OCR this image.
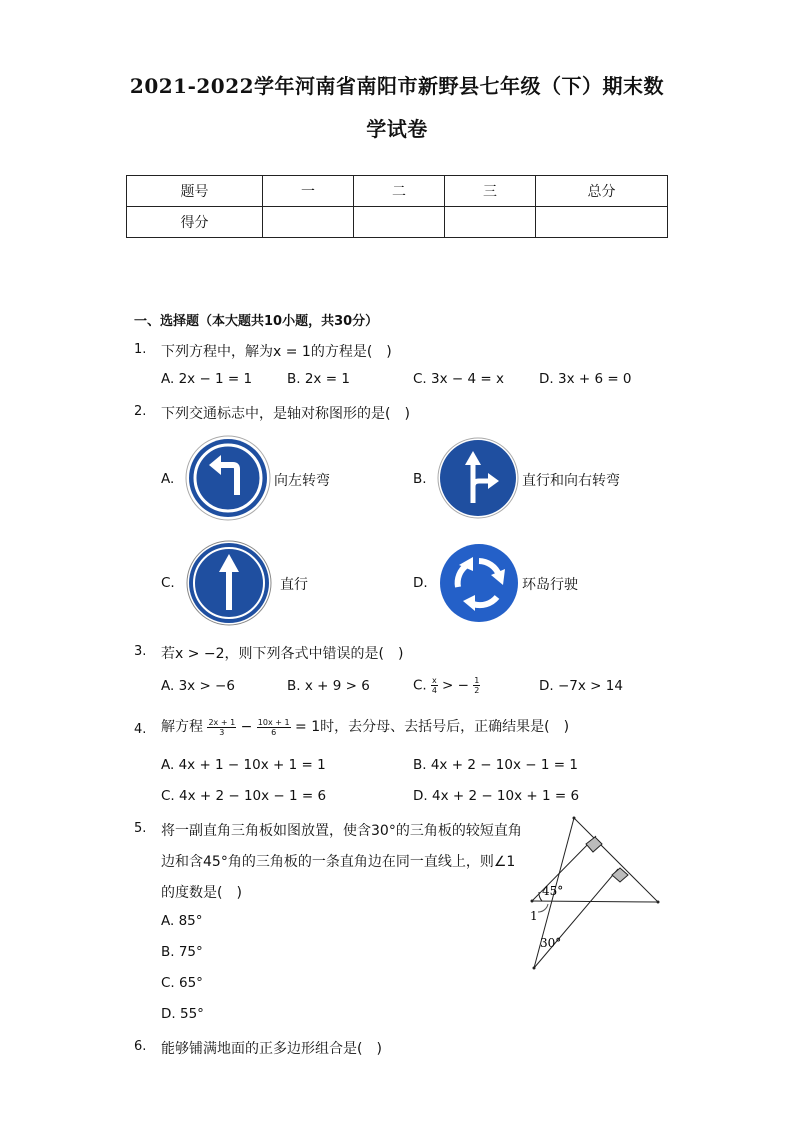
2021-2022学年河南省南阳市新野县七年级（下）期末数
学试卷
题号	一	二	三	总分
得分				
一、选择题（本大题共10小题，共30分）
1. 下列方程中，解为x = 1的方程是(　)
A. 2x − 1 = 1	B. 2x = 1	C. 3x − 4 = x	D. 3x + 6 = 0
2. 下列交通标志中，是轴对称图形的是(　)
A.	向左转弯	B.	直行和向右转弯
C.	直行	D.	环岛行驶
3. 若x > −2，则下列各式中错误的是(　)
A. 3x > −6	B. x + 9 > 6	C. $\frac{x}{4}$ > − $\frac{1}{2}$	D. −7x > 14
4. 解方程 $\frac{2x + 1}{3} - \frac{10x + 1}{6} = 1$时，去分母、去括号后，正确结果是(　)
A. 4x + 1 − 10x + 1 = 1	B. 4x + 2 − 10x − 1 = 1
C. 4x + 2 − 10x − 1 = 6	D. 4x + 2 − 10x + 1 = 6
5. 将一副直角三角板如图放置，使含30°的三角板的较短直角
边和含45°角的三角板的一条直角边在同一直线上，则∠1
的度数是(　)
A. 85°
B. 75°
C. 65°
D. 55°
45°
1
30°
6. 能够铺满地面的正多边形组合是(　)
